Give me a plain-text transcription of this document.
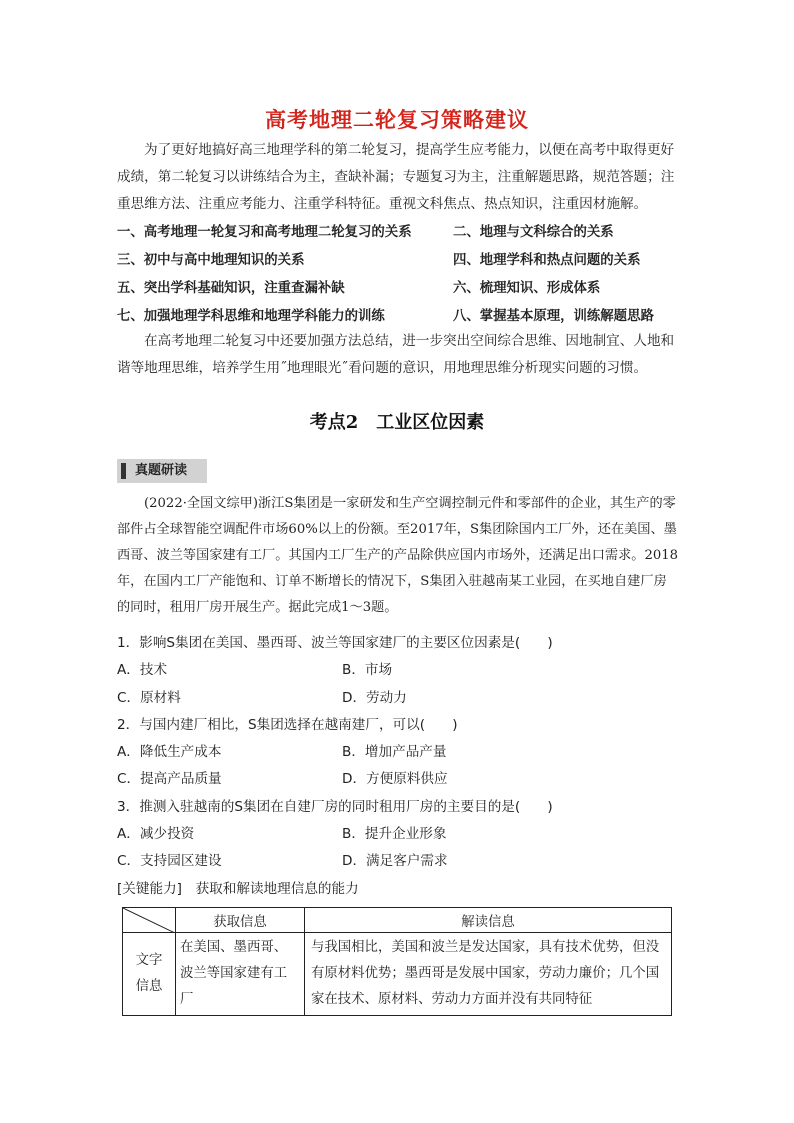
高考地理二轮复习策略建议

为了更好地搞好高三地理学科的第二轮复习，提高学生应考能力，以便在高考中取得更好成绩，第二轮复习以讲练结合为主，查缺补漏；专题复习为主，注重解题思路，规范答题；注重思维方法、注重应考能力、注重学科特征。重视文科焦点、热点知识，注重因材施解。

一、高考地理一轮复习和高考地理二轮复习的关系	二、地理与文科综合的关系
三、初中与高中地理知识的关系	四、地理学科和热点问题的关系
五、突出学科基础知识，注重查漏补缺	六、梳理知识、形成体系
七、加强地理学科思维和地理学科能力的训练	八、掌握基本原理，训练解题思路

在高考地理二轮复习中还要加强方法总结，进一步突出空间综合思维、因地制宜、人地和谐等地理思维，培养学生用˝地理眼光˝看问题的意识，用地理思维分析现实问题的习惯。

考点2　工业区位因素
真题研读

(2022·全国文综甲)浙江S集团是一家研发和生产空调控制元件和零部件的企业，其生产的零部件占全球智能空调配件市场60%以上的份额。至2017年，S集团除国内工厂外，还在美国、墨西哥、波兰等国家建有工厂。其国内工厂生产的产品除供应国内市场外，还满足出口需求。2018年，在国内工厂产能饱和、订单不断增长的情况下，S集团入驻越南某工业园，在买地自建厂房的同时，租用厂房开展生产。据此完成1～3题。

1．影响S集团在美国、墨西哥、波兰等国家建厂的主要区位因素是(　　)
A．技术	B．市场
C．原材料	D．劳动力
2．与国内建厂相比，S集团选择在越南建厂，可以(　　)
A．降低生产成本	B．增加产品产量
C．提高产品质量	D．方便原料供应
3．推测入驻越南的S集团在自建厂房的同时租用厂房的主要目的是(　　)
A．减少投资	B．提升企业形象
C．支持园区建设	D．满足客户需求
[关键能力]　获取和解读地理信息的能力
	获取信息	解读信息

文字信息	在美国、墨西哥、波兰等国家建有工厂	与我国相比，美国和波兰是发达国家，具有技术优势，但没有原材料优势；墨西哥是发展中国家，劳动力廉价；几个国家在技术、原材料、劳动力方面并没有共同特征
